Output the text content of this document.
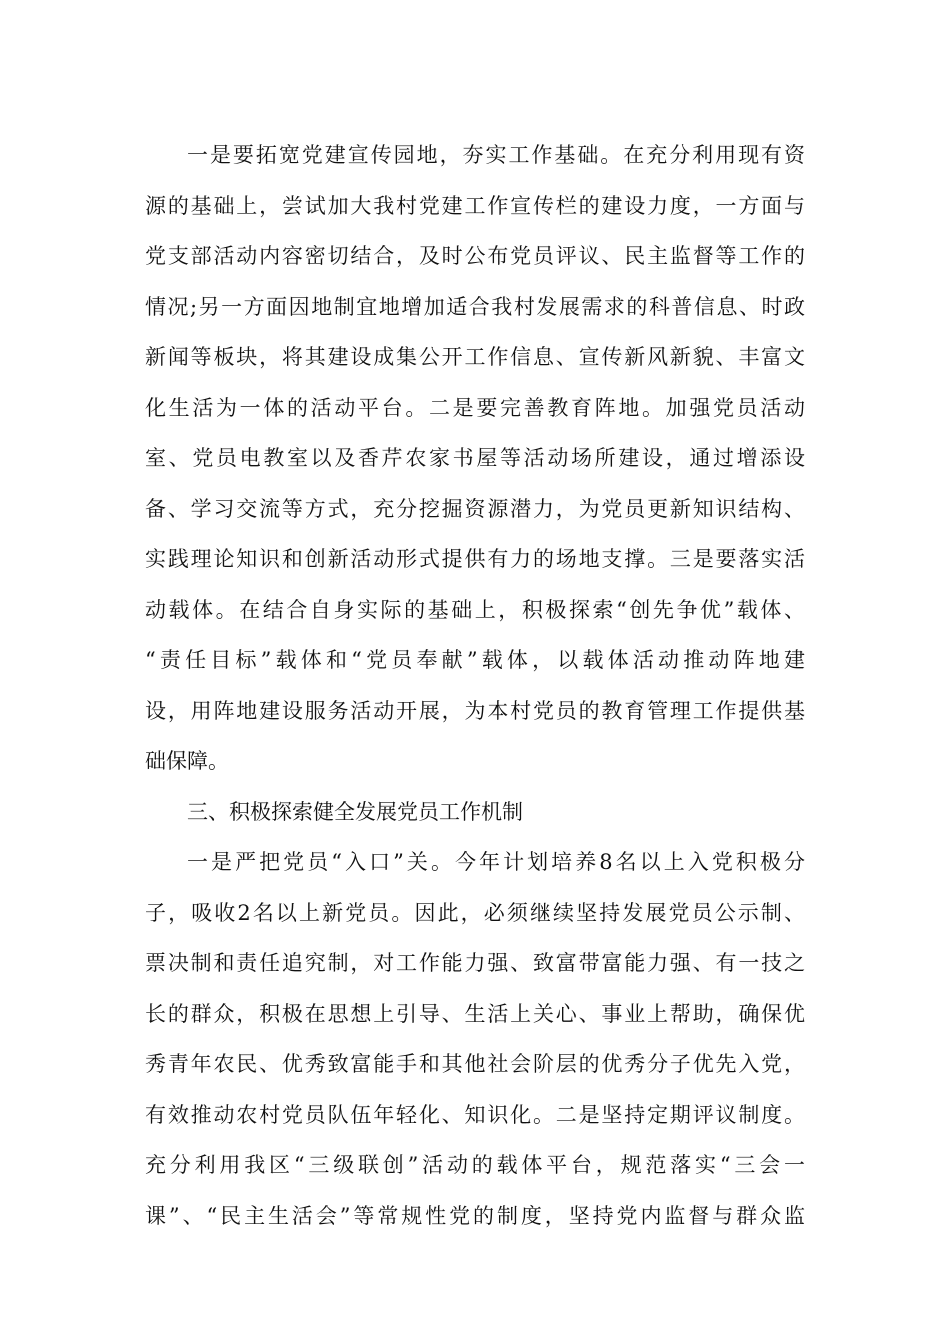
一是要拓宽党建宣传园地，夯实工作基础。在充分利用现有资
源的基础上，尝试加大我村党建工作宣传栏的建设力度，一方面与
党支部活动内容密切结合，及时公布党员评议、民主监督等工作的
情况;另一方面因地制宜地增加适合我村发展需求的科普信息、时政
新闻等板块，将其建设成集公开工作信息、宣传新风新貌、丰富文
化生活为一体的活动平台。二是要完善教育阵地。加强党员活动
室、党员电教室以及香芹农家书屋等活动场所建设，通过增添设
备、学习交流等方式，充分挖掘资源潜力，为党员更新知识结构、
实践理论知识和创新活动形式提供有力的场地支撑。三是要落实活
动载体。在结合自身实际的基础上，积极探索“创先争优”载体、
“责任目标”载体和“党员奉献”载体，以载体活动推动阵地建
设，用阵地建设服务活动开展，为本村党员的教育管理工作提供基
础保障。
三、积极探索健全发展党员工作机制
一是严把党员“入口”关。今年计划培养8名以上入党积极分
子，吸收2名以上新党员。因此，必须继续坚持发展党员公示制、
票决制和责任追究制，对工作能力强、致富带富能力强、有一技之
长的群众，积极在思想上引导、生活上关心、事业上帮助，确保优
秀青年农民、优秀致富能手和其他社会阶层的优秀分子优先入党，
有效推动农村党员队伍年轻化、知识化。二是坚持定期评议制度。
充分利用我区“三级联创”活动的载体平台，规范落实“三会一
课”、“民主生活会”等常规性党的制度，坚持党内监督与群众监
